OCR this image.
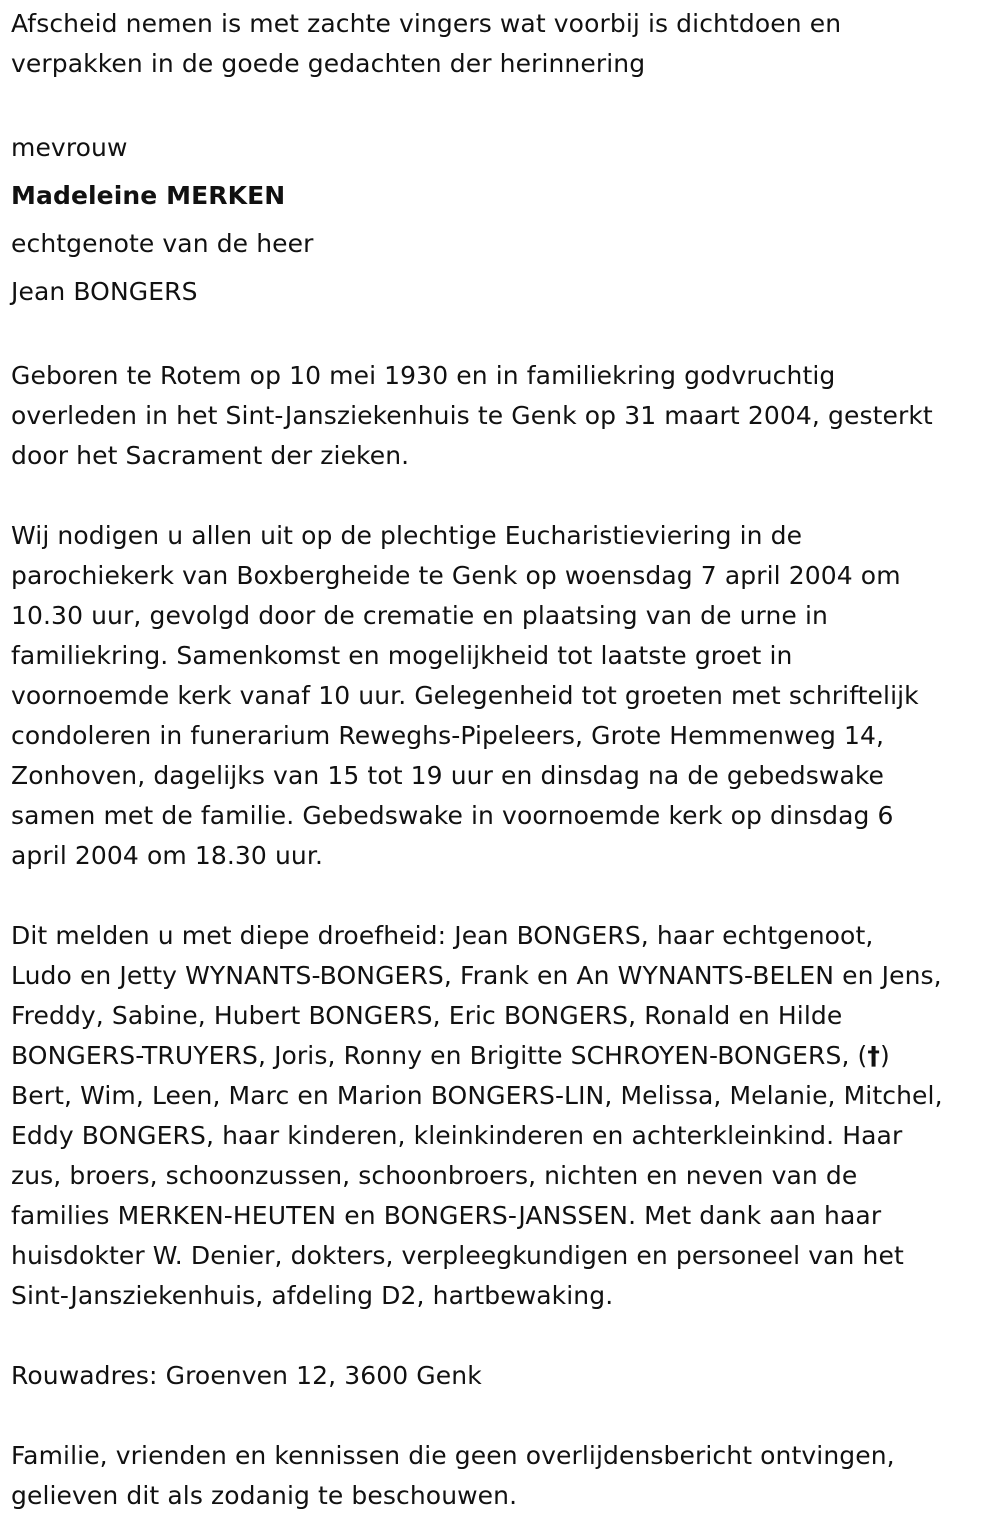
Afscheid nemen is met zachte vingers wat voorbij is dichtdoen en
verpakken in de goede gedachten der herinnering

mevrouw

Madeleine MERKEN

echtgenote van de heer

Jean BONGERS

Geboren te Rotem op 10 mei 1930 en in familiekring godvruchtig
overleden in het Sint-Jansziekenhuis te Genk op 31 maart 2004, gesterkt
door het Sacrament der zieken.

Wij nodigen u allen uit op de plechtige Eucharistieviering in de
parochiekerk van Boxbergheide te Genk op woensdag 7 april 2004 om
10.30 uur, gevolgd door de crematie en plaatsing van de urne in
familiekring. Samenkomst en mogelijkheid tot laatste groet in
voornoemde kerk vanaf 10 uur. Gelegenheid tot groeten met schriftelijk
condoleren in funerarium Reweghs-Pipeleers, Grote Hemmenweg 14,
Zonhoven, dagelijks van 15 tot 19 uur en dinsdag na de gebedswake
samen met de familie. Gebedswake in voornoemde kerk op dinsdag 6
april 2004 om 18.30 uur.

Dit melden u met diepe droefheid: Jean BONGERS, haar echtgenoot,
Ludo en Jetty WYNANTS-BONGERS, Frank en An WYNANTS-BELEN en Jens,
Freddy, Sabine, Hubert BONGERS, Eric BONGERS, Ronald en Hilde
BONGERS-TRUYERS, Joris, Ronny en Brigitte SCHROYEN-BONGERS, (†)
Bert, Wim, Leen, Marc en Marion BONGERS-LIN, Melissa, Melanie, Mitchel,
Eddy BONGERS, haar kinderen, kleinkinderen en achterkleinkind. Haar
zus, broers, schoonzussen, schoonbroers, nichten en neven van de
families MERKEN-HEUTEN en BONGERS-JANSSEN. Met dank aan haar
huisdokter W. Denier, dokters, verpleegkundigen en personeel van het
Sint-Jansziekenhuis, afdeling D2, hartbewaking.

Rouwadres: Groenven 12, 3600 Genk

Familie, vrienden en kennissen die geen overlijdensbericht ontvingen,
gelieven dit als zodanig te beschouwen.
